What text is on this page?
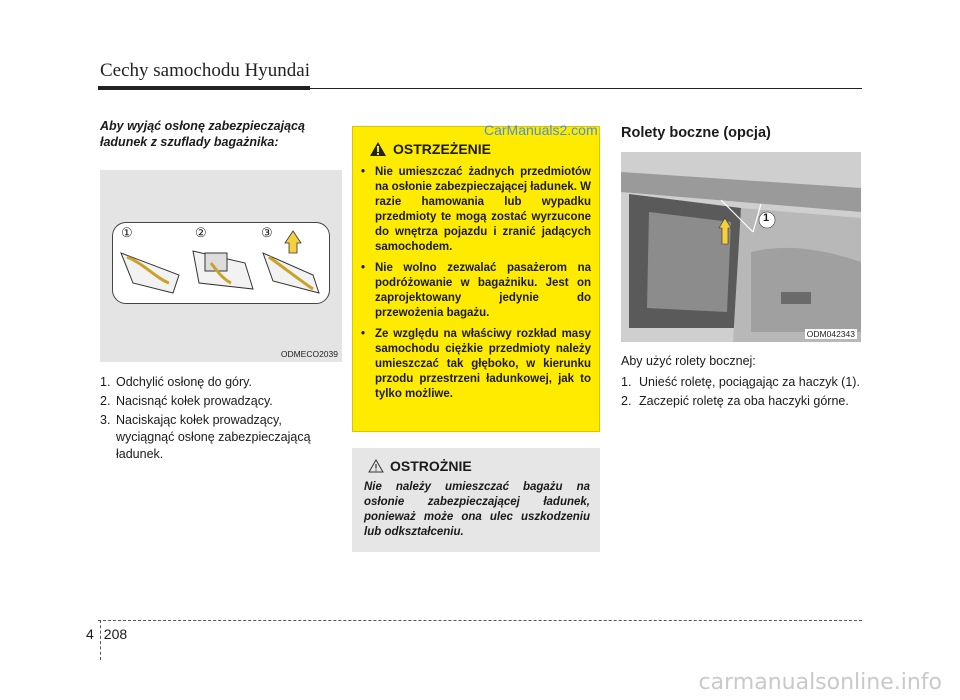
Cechy samochodu Hyundai

Aby wyjąć osłonę zabezpieczającą ładunek z szuflady bagażnika:

①	②	③
ODMECO2039
1. Odchylić osłonę do góry.
2. Nacisnąć kołek prowadzący.
3. Naciskając kołek prowadzący, wyciągnąć osłonę zabezpieczającą ładunek.
OSTRZEŻENIE
• Nie umieszczać żadnych przedmiotów na osłonie zabezpieczającej ładunek. W razie hamowania lub wypadku przedmioty te mogą zostać wyrzucone do wnętrza pojazdu i zranić jadących samochodem.
• Nie wolno zezwalać pasażerom na podróżowanie w bagażniku. Jest on zaprojektowany jedynie do przewożenia bagażu.
• Ze względu na właściwy rozkład masy samochodu ciężkie przedmioty należy umieszczać tak głęboko, w kierunku przodu przestrzeni ładunkowej, jak to tylko możliwe.
CarManuals2.com
OSTROŻNIE

Nie należy umieszczać bagażu na osłonie zabezpieczającej ładunek, ponieważ może ona ulec uszkodzeniu lub odkształceniu.

Rolety boczne (opcja)
1
ODM042343
Aby użyć rolety bocznej:
1. Unieść roletę, pociągając za haczyk (1).
2. Zaczepić roletę za oba haczyki górne.
4 208
carmanualsonline.info
